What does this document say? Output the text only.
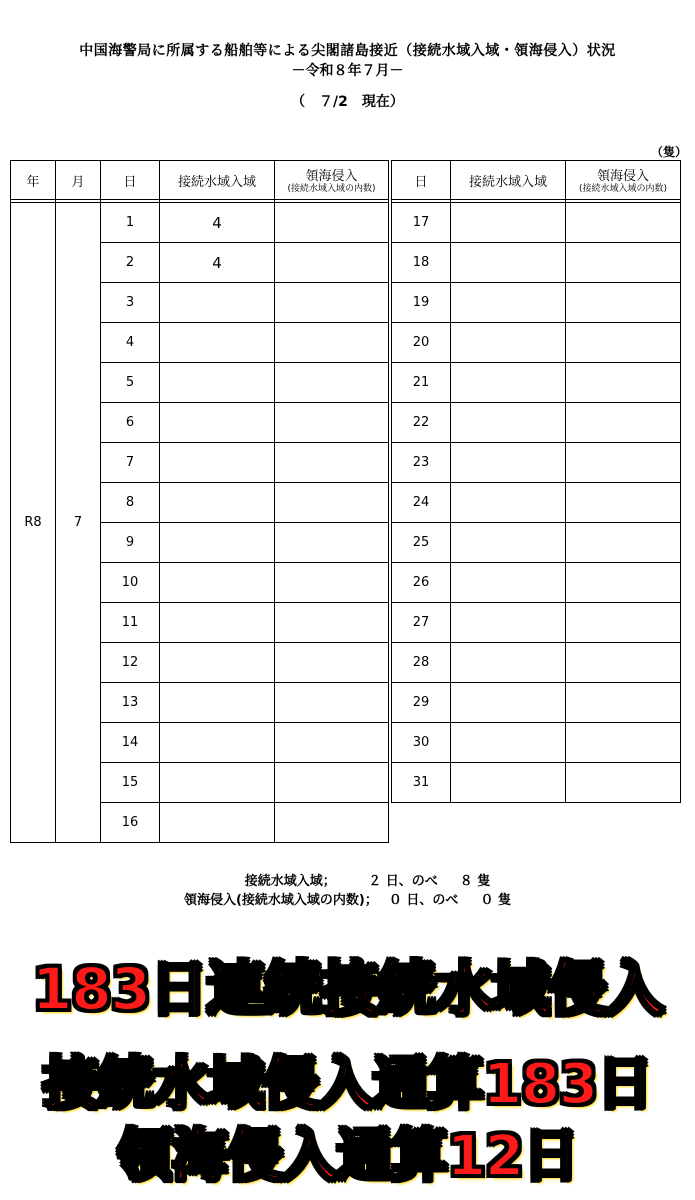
中国海警局に所属する船舶等による尖閣諸島接近（接続水域入域・領海侵入）状況
－令和８年７月－
（　７/2　現在）
（隻）
年	月	日	接続水域入域	領海侵入
(接続水域入域の内数)

R8	7	1	4	
		2	4	
		3		
		4		
		5		
		6		
		7		
		8		
		9		
		10		
		11		
		12		
		13		
		14		
		15		
		16		
日	接続水域入域	領海侵入
(接続水域入域の内数)

17		
18		
19		
20		
21		
22		
23		
24		
25		
26		
27		
28		
29		
30		
31		
接続水域入域；　　　２ 日、のべ　  ８ 隻
領海侵入(接続水域入域の内数)；　 ０ 日、のべ　  ０ 隻
183日連続接続水域侵入
接続水域侵入通算183日
領海侵入通算12日
